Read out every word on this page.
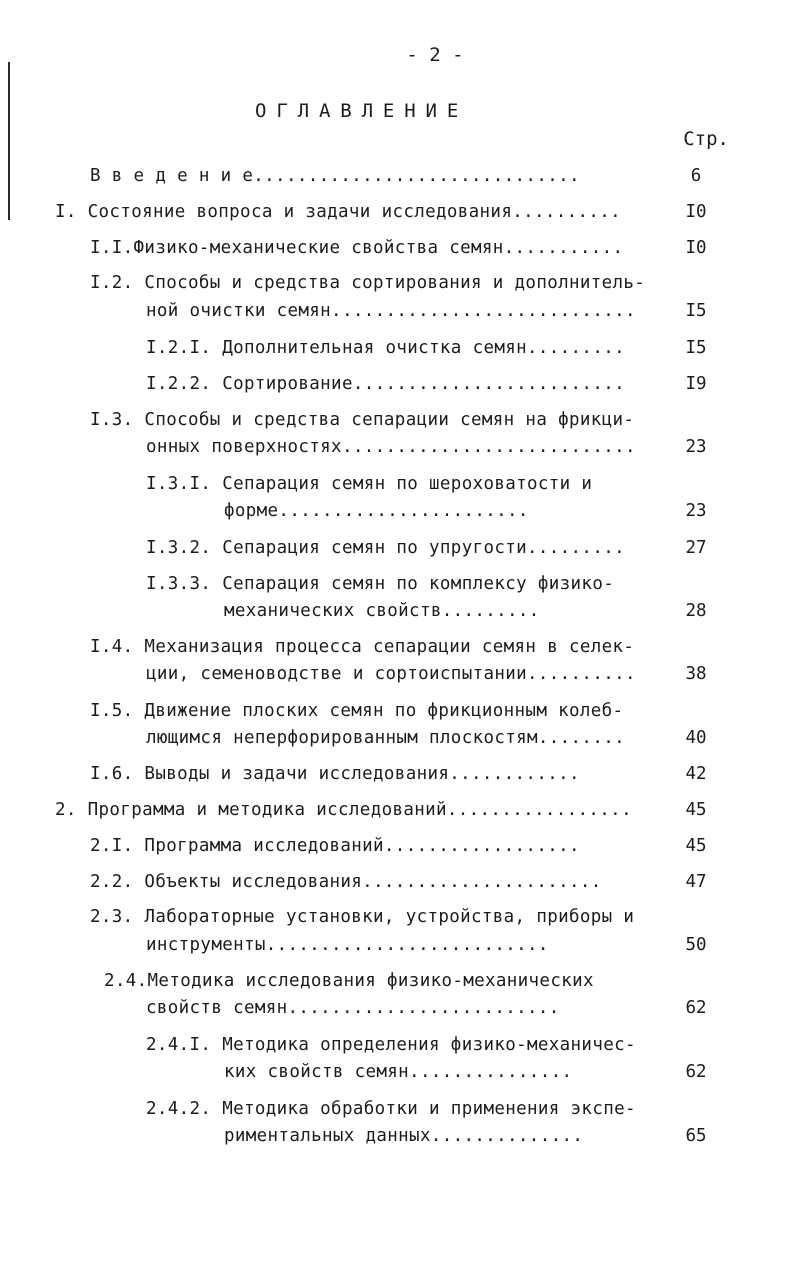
- 2 -
ОГЛАВЛЕНИЕ
Стр.
В в е д е н и е..............................	6
I. Состояние вопроса и задачи исследования..........	I0
I.I.Физико-механические свойства семян...........	I0
I.2. Способы и средства сортирования и дополнитель-
ной очистки семян............................	I5
I.2.I. Дополнительная очистка семян.........	I5
I.2.2. Сортирование.........................	I9
I.3. Способы и средства сепарации семян на фрикци-
онных поверхностях...........................	23
I.3.I. Сепарация семян по шероховатости и
форме.......................	23
I.3.2. Сепарация семян по упругости.........	27
I.3.3. Сепарация семян по комплексу физико-
механических свойств.........	28
I.4. Механизация процесса сепарации семян в селек-
ции, семеноводстве и сортоиспытании..........	38
I.5. Движение плоских семян по фрикционным колеб-
лющимся неперфорированным плоскостям........	40
I.6. Выводы и задачи исследования............	42
2. Программа и методика исследований.................	45
2.I. Программа исследований..................	45
2.2. Объекты исследования......................	47
2.3. Лабораторные установки, устройства, приборы и
инструменты..........................	50
2.4.Методика исследования физико-механических
свойств семян.........................	62
2.4.I. Методика определения физико-механичес-
ких свойств семян...............	62
2.4.2. Методика обработки и применения экспе-
риментальных данных..............	65
